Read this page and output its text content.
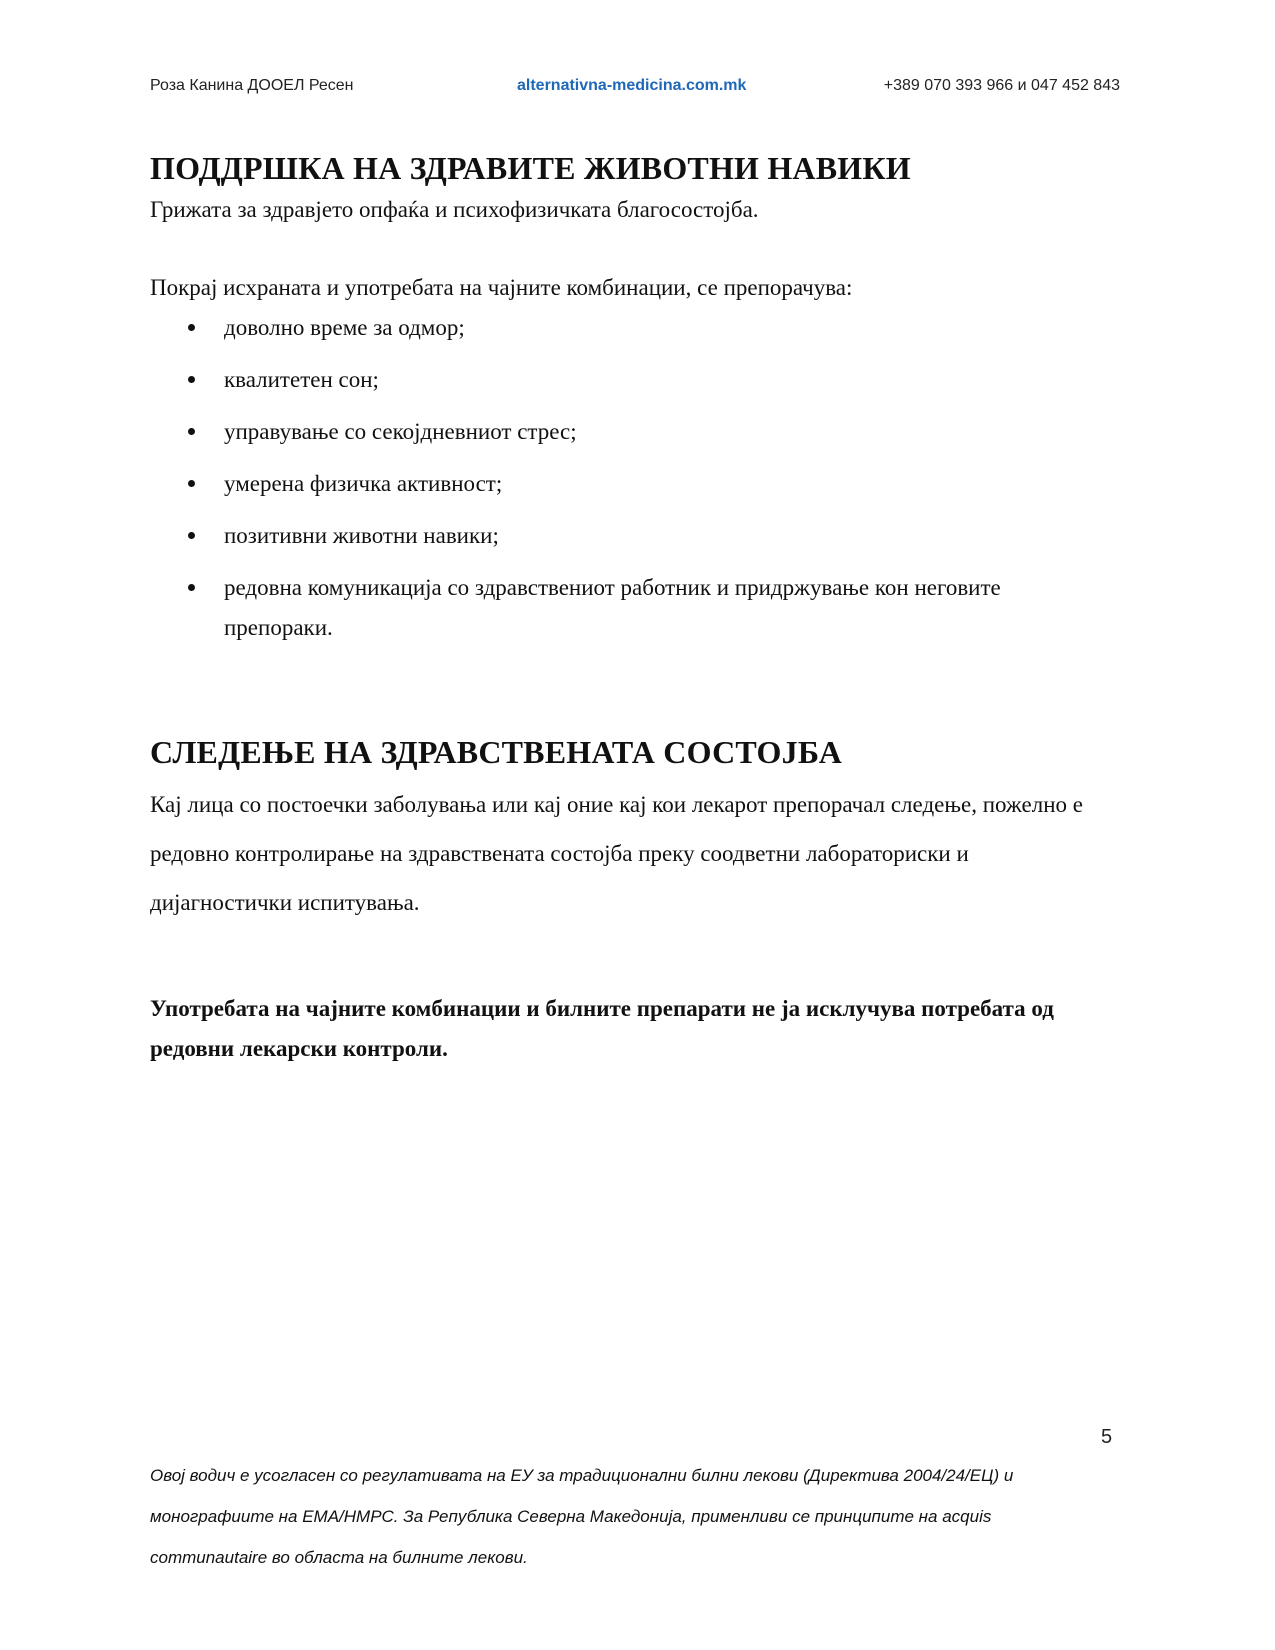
Роза Канина ДООЕЛ Ресен	alternativna-medicina.com.mk	+389 070 393 966 и 047 452 843
ПОДДРШКА НА ЗДРАВИТЕ ЖИВОТНИ НАВИКИ

Грижата за здравјето опфаќа и психофизичката благосостојба.

Покрај исхраната и употребата на чајните комбинации, се препорачува:

доволно време за одмор;
квалитетен сон;
управување со секојдневниот стрес;
умерена физичка активност;
позитивни животни навики;
редовна комуникација со здравствениот работник и придржување кон неговите препораки.
СЛЕДЕЊЕ НА ЗДРАВСТВЕНАТА СОСТОЈБА

Кај лица со постоечки заболувања или кај оние кај кои лекарот препорачал следење, пожелно е редовно контролирање на здравствената состојба преку соодветни лабораториски и дијагностички испитувања.

Употребата на чајните комбинации и билните препарати не ја исклучува потребата од редовни лекарски контроли.

5

Овој водич е усогласен со регулативата на ЕУ за традиционални билни лекови (Директива 2004/24/ЕЦ) и монографиите на ЕМА/HMPC. За Република Северна Македонија, применливи се принципите на acquis communautaire во областа на билните лекови.
